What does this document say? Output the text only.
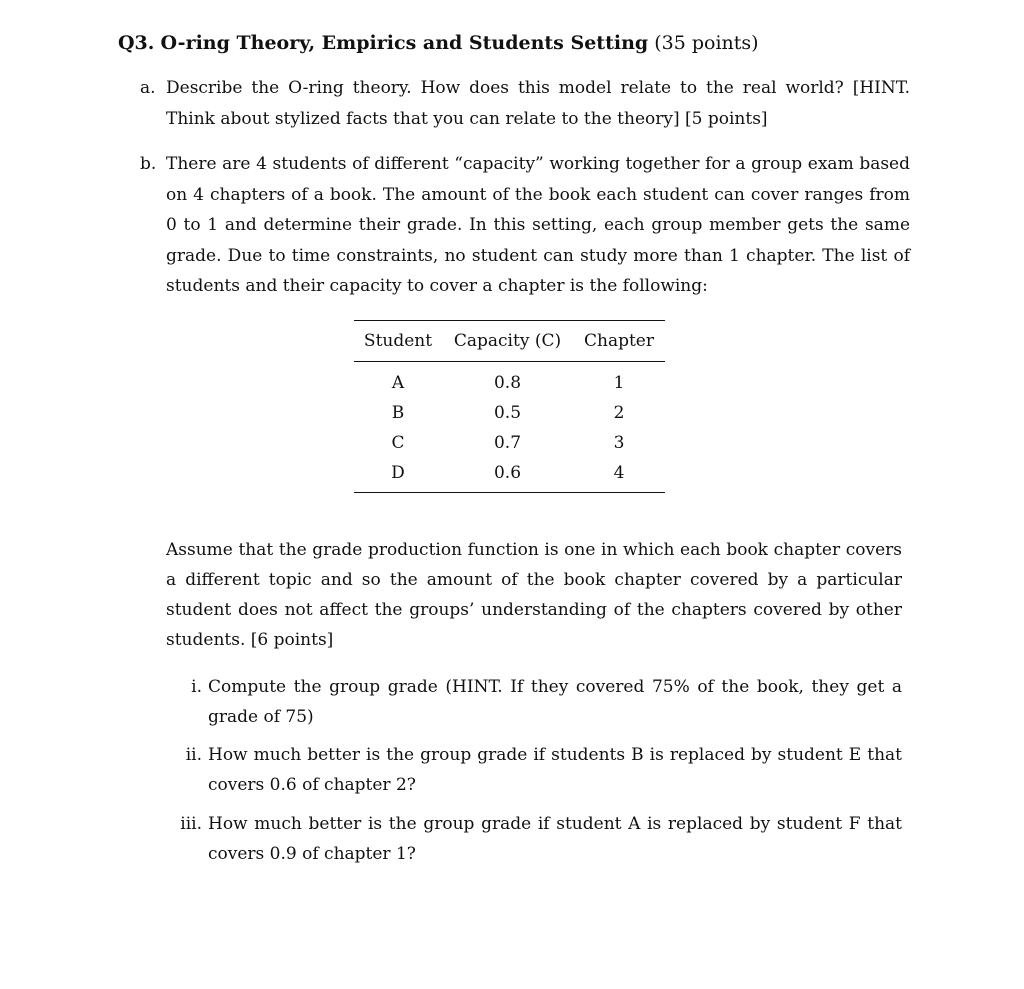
Q3. O-ring Theory, Empirics and Students Setting (35 points)
a. Describe the O-ring theory. How does this model relate to the real world? [HINT. Think about stylized facts that you can relate to the theory] [5 points]
b. There are 4 students of different “capacity” working together for a group exam based on 4 chapters of a book. The amount of the book each student can cover ranges from 0 to 1 and determine their grade. In this setting, each group member gets the same grade. Due to time constraints, no student can study more than 1 chapter. The list of students and their capacity to cover a chapter is the following:
Student	Capacity (C)	Chapter
A	0.8	1
B	0.5	2
C	0.7	3
D	0.6	4
Assume that the grade production function is one in which each book chapter covers a different topic and so the amount of the book chapter covered by a particular student does not affect the groups’ understanding of the chapters covered by other students. [6 points]
i. Compute the group grade (HINT. If they covered 75% of the book, they get a grade of 75)
ii. How much better is the group grade if students B is replaced by student E that covers 0.6 of chapter 2?
iii. How much better is the group grade if student A is replaced by student F that covers 0.9 of chapter 1?
